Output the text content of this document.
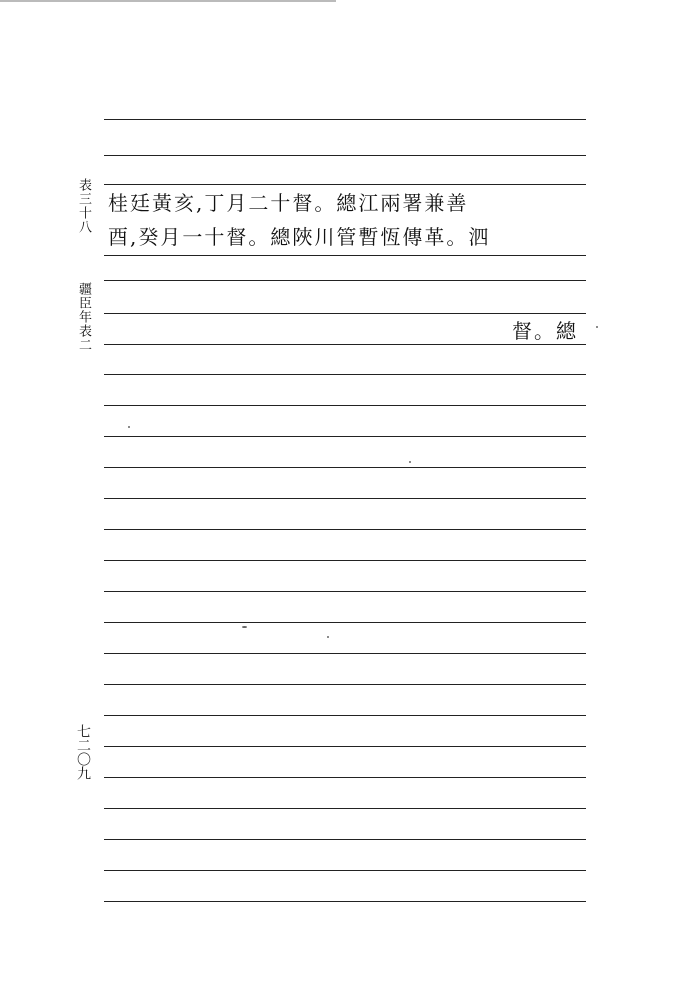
表三十八
疆臣年表二
七二〇九
桂廷黃亥,丁月二十督。總江兩署兼善
酉,癸月一十督。總陜川管暫恆傳革。泗
督。總
